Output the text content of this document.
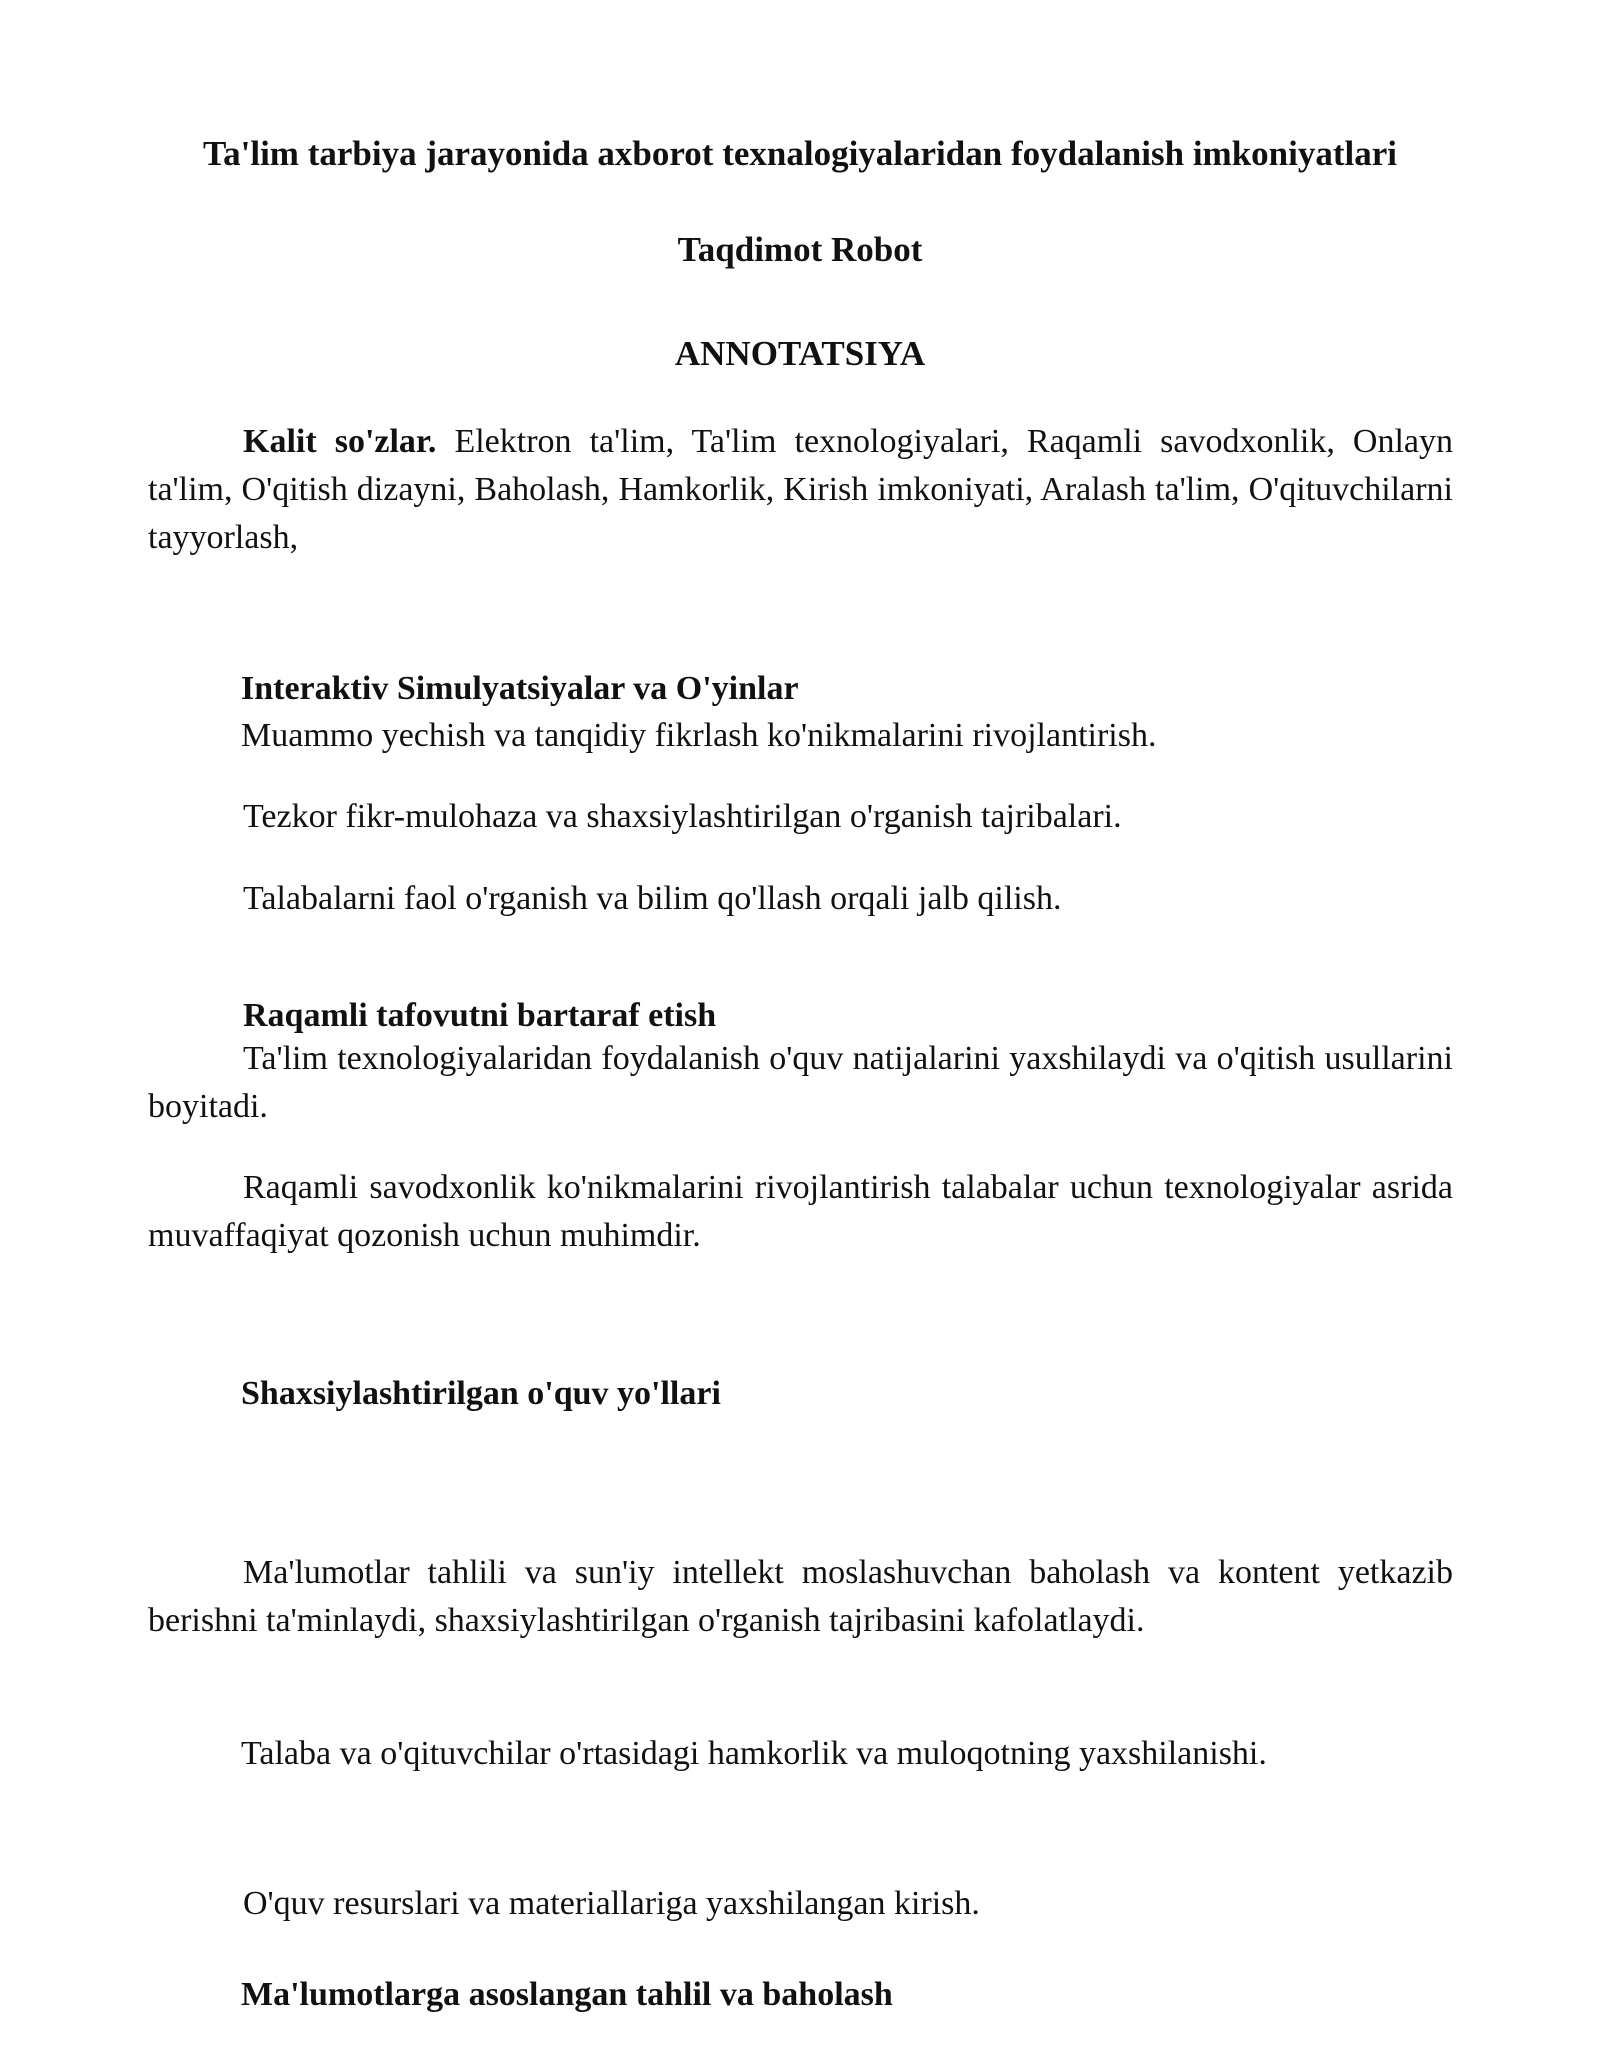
Ta'lim tarbiya jarayonida axborot texnalogiyalaridan foydalanish imkoniyatlari
Taqdimot Robot
ANNOTATSIYA
Kalit so'zlar. Elektron ta'lim, Ta'lim texnologiyalari, Raqamli savodxonlik, Onlayn ta'lim, O'qitish dizayni, Baholash, Hamkorlik, Kirish imkoniyati, Aralash ta'lim, O'qituvchilarni tayyorlash,
Interaktiv Simulyatsiyalar va O'yinlar
Muammo yechish va tanqidiy fikrlash ko'nikmalarini rivojlantirish.
Tezkor fikr-mulohaza va shaxsiylashtirilgan o'rganish tajribalari.
Talabalarni faol o'rganish va bilim qo'llash orqali jalb qilish.
Raqamli tafovutni bartaraf etish
Ta'lim texnologiyalaridan foydalanish o'quv natijalarini yaxshilaydi va o'qitish usullarini boyitadi.
Raqamli savodxonlik ko'nikmalarini rivojlantirish talabalar uchun texnologiyalar asrida muvaffaqiyat qozonish uchun muhimdir.
Shaxsiylashtirilgan o'quv yo'llari
Ma'lumotlar tahlili va sun'iy intellekt moslashuvchan baholash va kontent yetkazib berishni ta'minlaydi, shaxsiylashtirilgan o'rganish tajribasini kafolatlaydi.
Talaba va o'qituvchilar o'rtasidagi hamkorlik va muloqotning yaxshilanishi.
O'quv resurslari va materiallariga yaxshilangan kirish.
Ma'lumotlarga asoslangan tahlil va baholash
